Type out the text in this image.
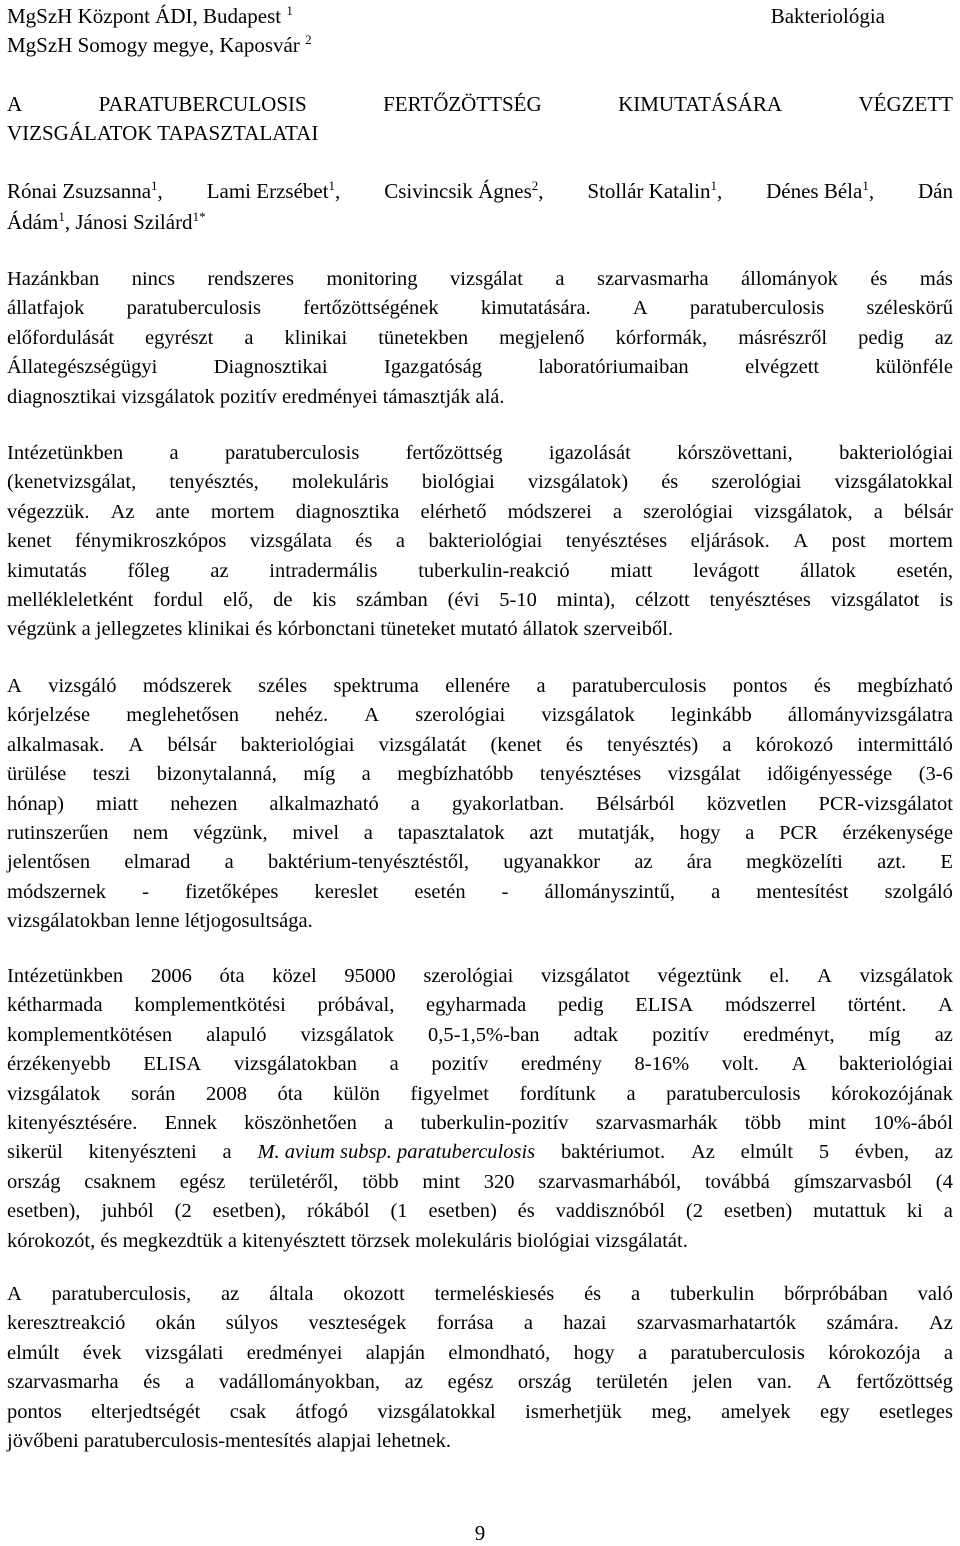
MgSzH Központ ÁDI, Budapest $^1$
MgSzH Somogy megye, Kaposvár $^2$
Bakteriológia
A	PARATUBERCULOSIS	FERTŐZÖTTSÉG	KIMUTATÁSÁRA	VÉGZETT
VIZSGÁLATOK TAPASZTALATAI
Rónai Zsuzsanna$^1$, Lami Erzsébet$^1$, Csivincsik Ágnes$^2$, Stollár Katalin$^1$, Dénes Béla$^1$, Dán
Ádám$^1$, Jánosi Szilárd$^{1*}$
Hazánkban nincs rendszeres monitoring vizsgálat a szarvasmarha állományok és más
állatfajok paratuberculosis fertőzöttségének kimutatására. A paratuberculosis széleskörű
előfordulását egyrészt a klinikai tünetekben megjelenő kórformák, másrészről pedig az
Állategészségügyi	Diagnosztikai	Igazgatóság	laboratóriumaiban	elvégzett	különféle
diagnosztikai vizsgálatok pozitív eredményei támasztják alá.
Intézetünkben a paratuberculosis fertőzöttség igazolását kórszövettani, bakteriológiai
(kenetvizsgálat, tenyésztés, molekuláris biológiai vizsgálatok) és szerológiai vizsgálatokkal
végezzük. Az ante mortem diagnosztika elérhető módszerei a szerológiai vizsgálatok, a bélsár
kenet fénymikroszkópos vizsgálata és a bakteriológiai tenyésztéses eljárások. A post mortem
kimutatás főleg az intradermális tuberkulin-reakció miatt levágott állatok esetén,
mellékleletként fordul elő, de kis számban (évi 5-10 minta), célzott tenyésztéses vizsgálatot is
végzünk a jellegzetes klinikai és kórbonctani tüneteket mutató állatok szerveiből.
A vizsgáló módszerek széles spektruma ellenére a paratuberculosis pontos és megbízható
kórjelzése meglehetősen nehéz. A szerológiai vizsgálatok leginkább állományvizsgálatra
alkalmasak. A bélsár bakteriológiai vizsgálatát (kenet és tenyésztés) a kórokozó intermittáló
ürülése teszi bizonytalanná, míg a megbízhatóbb tenyésztéses vizsgálat időigényessége (3-6
hónap) miatt nehezen alkalmazható a gyakorlatban. Bélsárból közvetlen PCR-vizsgálatot
rutinszerűen nem végzünk, mivel a tapasztalatok azt mutatják, hogy a PCR érzékenysége
jelentősen elmarad a baktérium-tenyésztéstől, ugyanakkor az ára megközelíti azt. E
módszernek - fizetőképes kereslet esetén - állományszintű, a mentesítést szolgáló
vizsgálatokban lenne létjogosultsága.
Intézetünkben 2006 óta közel 95000 szerológiai vizsgálatot végeztünk el. A vizsgálatok
kétharmada komplementkötési próbával, egyharmada pedig ELISA módszerrel történt. A
komplementkötésen alapuló vizsgálatok 0,5-1,5%-ban adtak pozitív eredményt, míg az
érzékenyebb ELISA vizsgálatokban a pozitív eredmény 8-16% volt. A bakteriológiai
vizsgálatok során 2008 óta külön figyelmet fordítunk a paratuberculosis kórokozójának
kitenyésztésére. Ennek köszönhetően a tuberkulin-pozitív szarvasmarhák több mint 10%-ából
sikerül kitenyészteni a M. avium subsp. paratuberculosis baktériumot. Az elmúlt 5 évben, az
ország csaknem egész területéről, több mint 320 szarvasmarhából, továbbá gímszarvasból (4
esetben), juhból (2 esetben), rókából (1 esetben) és vaddisznóból (2 esetben) mutattuk ki a
kórokozót, és megkezdtük a kitenyésztett törzsek molekuláris biológiai vizsgálatát.
A paratuberculosis, az általa okozott termeléskiesés és a tuberkulin bőrpróbában való
keresztreakció okán súlyos veszteségek forrása a hazai szarvasmarhatartók számára. Az
elmúlt évek vizsgálati eredményei alapján elmondható, hogy a paratuberculosis kórokozója a
szarvasmarha és a vadállományokban, az egész ország területén jelen van. A fertőzöttség
pontos elterjedtségét csak átfogó vizsgálatokkal ismerhetjük meg, amelyek egy esetleges
jövőbeni paratuberculosis-mentesítés alapjai lehetnek.
9
